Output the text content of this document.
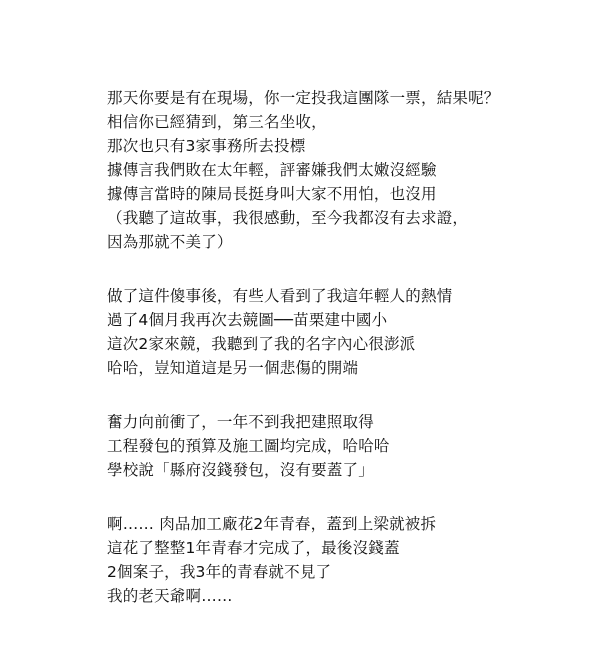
那天你要是有在現場，你一定投我這團隊一票，結果呢？
相信你已經猜到，第三名坐收，
那次也只有3家事務所去投標
據傳言我們敗在太年輕，評審嫌我們太嫩沒經驗
據傳言當時的陳局長挺身叫大家不用怕，也沒用
（我聽了這故事，我很感動，至今我都沒有去求證，
因為那就不美了）
做了這件傻事後，有些人看到了我這年輕人的熱情
過了4個月我再次去競圖──苗栗建中國小
這次2家來競，我聽到了我的名字內心很澎派
哈哈，豈知道這是另一個悲傷的開端
奮力向前衝了，一年不到我把建照取得
工程發包的預算及施工圖均完成，哈哈哈
學校說「縣府沒錢發包，沒有要蓋了」
啊…… 肉品加工廠花2年青春，蓋到上梁就被拆
這花了整整1年青春才完成了，最後沒錢蓋
2個案子，我3年的青春就不見了
我的老天爺啊……
